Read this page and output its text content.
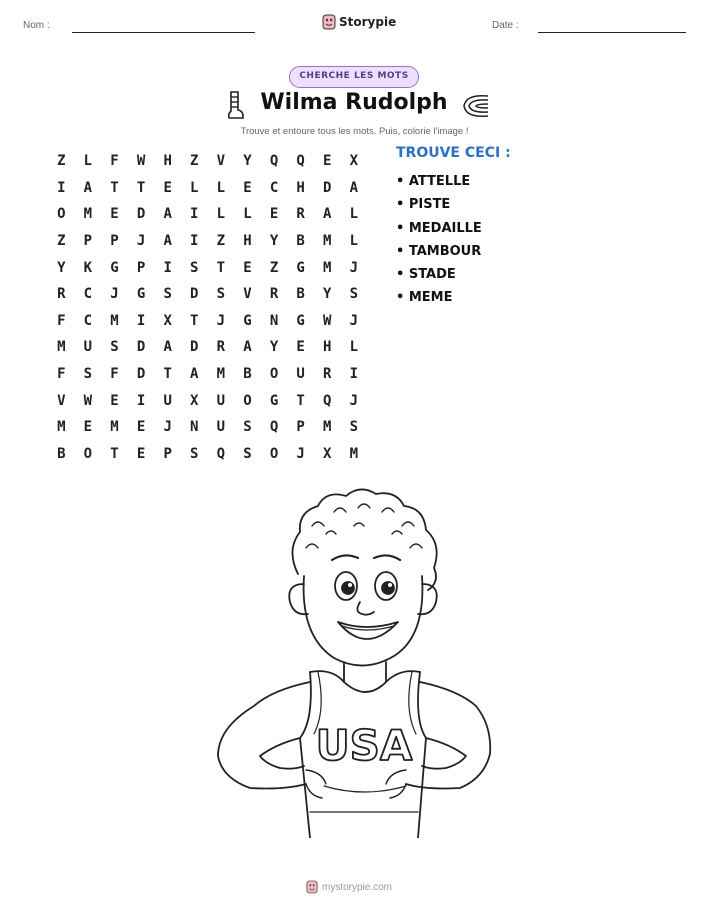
Nom :	Storypie	Date :
CHERCHE LES MOTS
Wilma Rudolph
Trouve et entoure tous les mots. Puis, colorie l'image !
Z	L	F	W	H	Z	V	Y	Q	Q	E	X
I	A	T	T	E	L	L	E	C	H	D	A
O	M	E	D	A	I	L	L	E	R	A	L
Z	P	P	J	A	I	Z	H	Y	B	M	L
Y	K	G	P	I	S	T	E	Z	G	M	J
R	C	J	G	S	D	S	V	R	B	Y	S
F	C	M	I	X	T	J	G	N	G	W	J
M	U	S	D	A	D	R	A	Y	E	H	L
F	S	F	D	T	A	M	B	O	U	R	I
V	W	E	I	U	X	U	O	G	T	Q	J
M	E	M	E	J	N	U	S	Q	P	M	S
B	O	T	E	P	S	Q	S	O	J	X	M
TROUVE CECI :
• ATTELLE
• PISTE
• MEDAILLE
• TAMBOUR
• STADE
• MEME
USA
mystorypie.com
